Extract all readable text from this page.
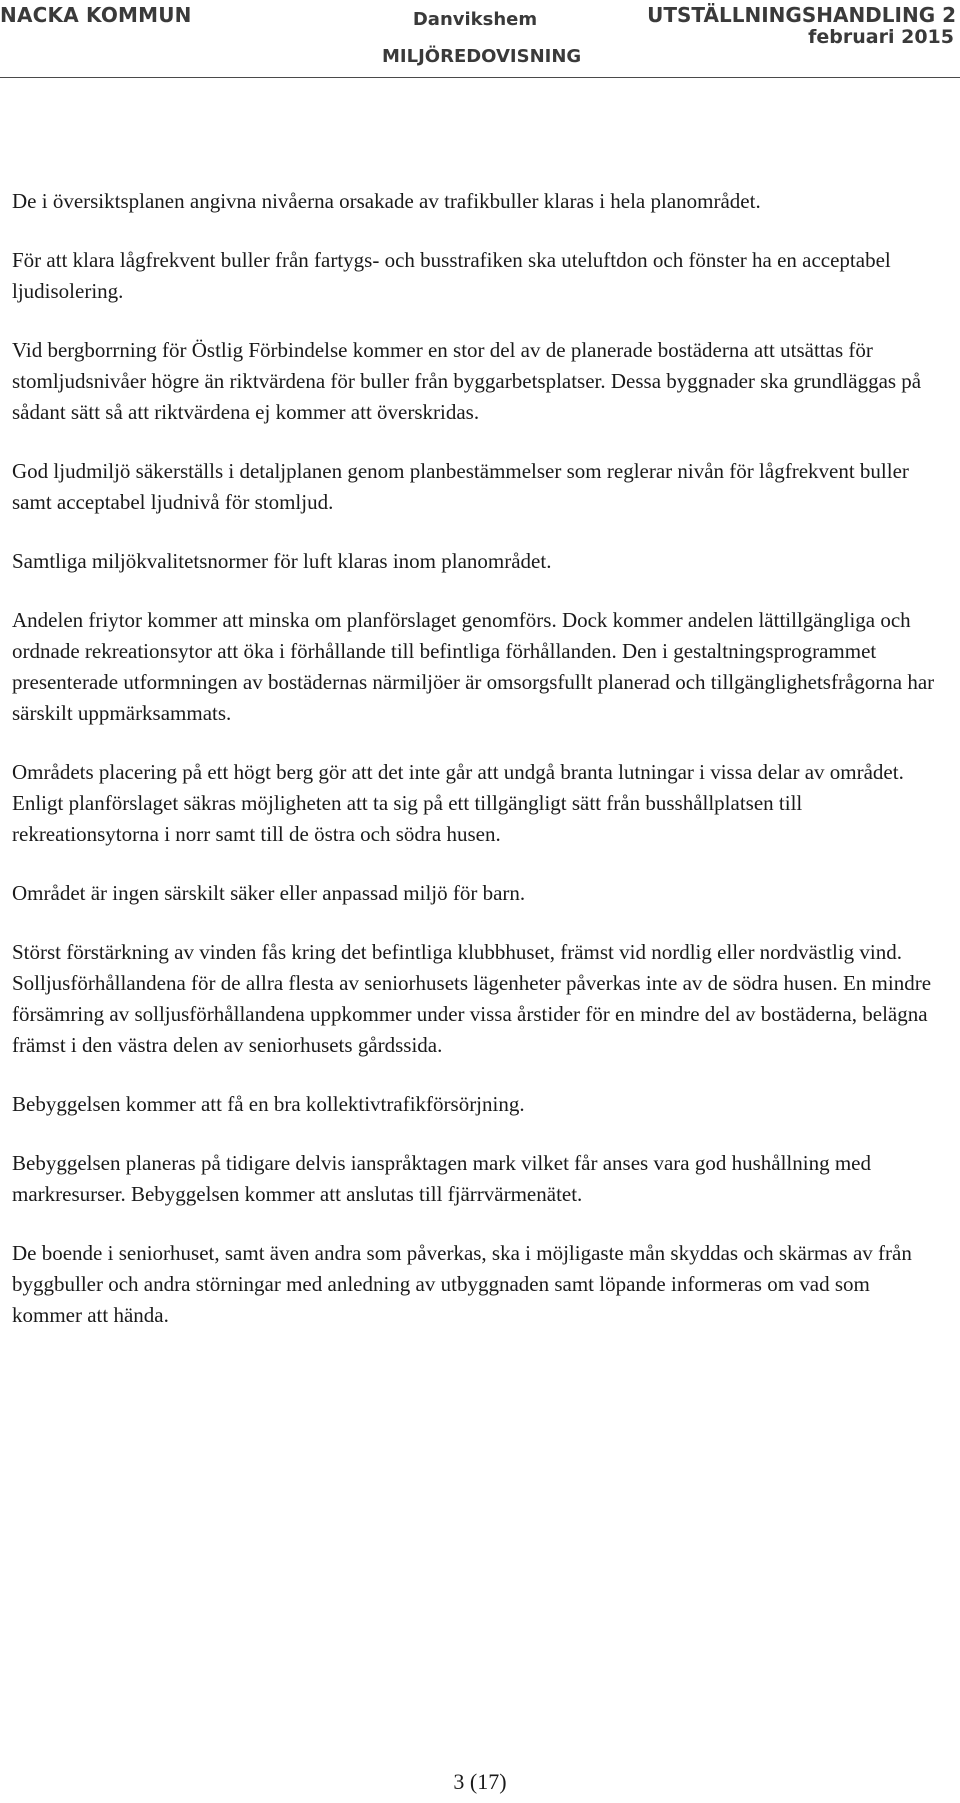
NACKA KOMMUN	Danvikshem
MILJÖREDOVISNING
UTSTÄLLNINGSHANDLING 2
februari 2015

De i översiktsplanen angivna nivåerna orsakade av trafikbuller klaras i hela planområdet.

För att klara lågfrekvent buller från fartygs- och busstrafiken ska uteluftdon och fönster ha en acceptabel ljudisolering.

Vid bergborrning för Östlig Förbindelse kommer en stor del av de planerade bostäderna att utsättas för stomljudsnivåer högre än riktvärdena för buller från byggarbetsplatser. Dessa byggnader ska grundläggas på sådant sätt så att riktvärdena ej kommer att överskridas.

God ljudmiljö säkerställs i detaljplanen genom planbestämmelser som reglerar nivån för lågfrekvent buller samt acceptabel ljudnivå för stomljud.

Samtliga miljökvalitetsnormer för luft klaras inom planområdet.

Andelen friytor kommer att minska om planförslaget genomförs. Dock kommer andelen lättillgängliga och ordnade rekreationsytor att öka i förhållande till befintliga förhållanden. Den i gestaltningsprogrammet presenterade utformningen av bostädernas närmiljöer är omsorgsfullt planerad och tillgänglighetsfrågorna har särskilt uppmärksammats.

Områdets placering på ett högt berg gör att det inte går att undgå branta lutningar i vissa delar av området. Enligt planförslaget säkras möjligheten att ta sig på ett tillgängligt sätt från busshållplatsen till rekreationsytorna i norr samt till de östra och södra husen.

Området är ingen särskilt säker eller anpassad miljö för barn.

Störst förstärkning av vinden fås kring det befintliga klubbhuset, främst vid nordlig eller nordvästlig vind. Solljusförhållandena för de allra flesta av seniorhusets lägenheter påverkas inte av de södra husen. En mindre försämring av solljusförhållandena uppkommer under vissa årstider för en mindre del av bostäderna, belägna främst i den västra delen av seniorhusets gårdssida.

Bebyggelsen kommer att få en bra kollektivtrafikförsörjning.

Bebyggelsen planeras på tidigare delvis ianspråktagen mark vilket får anses vara god hushållning med markresurser. Bebyggelsen kommer att anslutas till fjärrvärmenätet.

De boende i seniorhuset, samt även andra som påverkas, ska i möjligaste mån skyddas och skärmas av från byggbuller och andra störningar med anledning av utbyggnaden samt löpande informeras om vad som kommer att hända.

3 (17)
